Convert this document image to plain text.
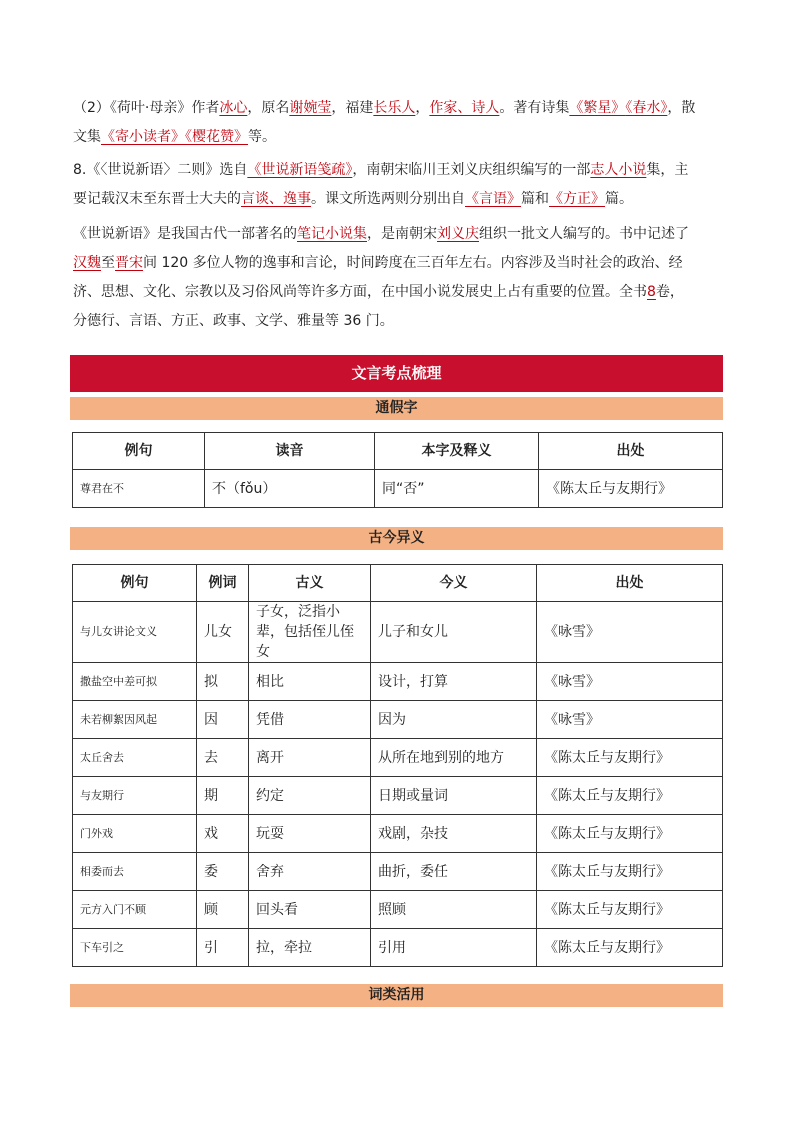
（2）《荷叶·母亲》作者冰心，原名谢婉莹，福建长乐人，作家、诗人。著有诗集《繁星》《春水》，散
文集《寄小读者》《樱花赞》等。

8.《〈世说新语〉二则》选自《世说新语笺疏》，南朝宋临川王刘义庆组织编写的一部志人小说集，主
要记载汉末至东晋士大夫的言谈、逸事。课文所选两则分别出自《言语》篇和《方正》篇。

《世说新语》是我国古代一部著名的笔记小说集，是南朝宋刘义庆组织一批文人编写的。书中记述了
汉魏至晋宋间 120 多位人物的逸事和言论，时间跨度在三百年左右。内容涉及当时社会的政治、经
济、思想、文化、宗教以及习俗风尚等许多方面，在中国小说发展史上占有重要的位置。全书8卷，
分德行、言语、方正、政事、文学、雅量等 36 门。

文言考点梳理
通假字
例句	读音	本字及释义	出处
尊君在不	不（fǒu）	同“否”	《陈太丘与友期行》
古今异义
例句	例词	古义	今义	出处
与儿女讲论文义	儿女	子女，泛指小辈，包括侄儿侄女	儿子和女儿	《咏雪》
撒盐空中差可拟	拟	相比	设计，打算	《咏雪》
未若柳絮因风起	因	凭借	因为	《咏雪》
太丘舍去	去	离开	从所在地到别的地方	《陈太丘与友期行》
与友期行	期	约定	日期或量词	《陈太丘与友期行》
门外戏	戏	玩耍	戏剧，杂技	《陈太丘与友期行》
相委而去	委	舍弃	曲折，委任	《陈太丘与友期行》
元方入门不顾	顾	回头看	照顾	《陈太丘与友期行》
下车引之	引	拉，牵拉	引用	《陈太丘与友期行》
词类活用
